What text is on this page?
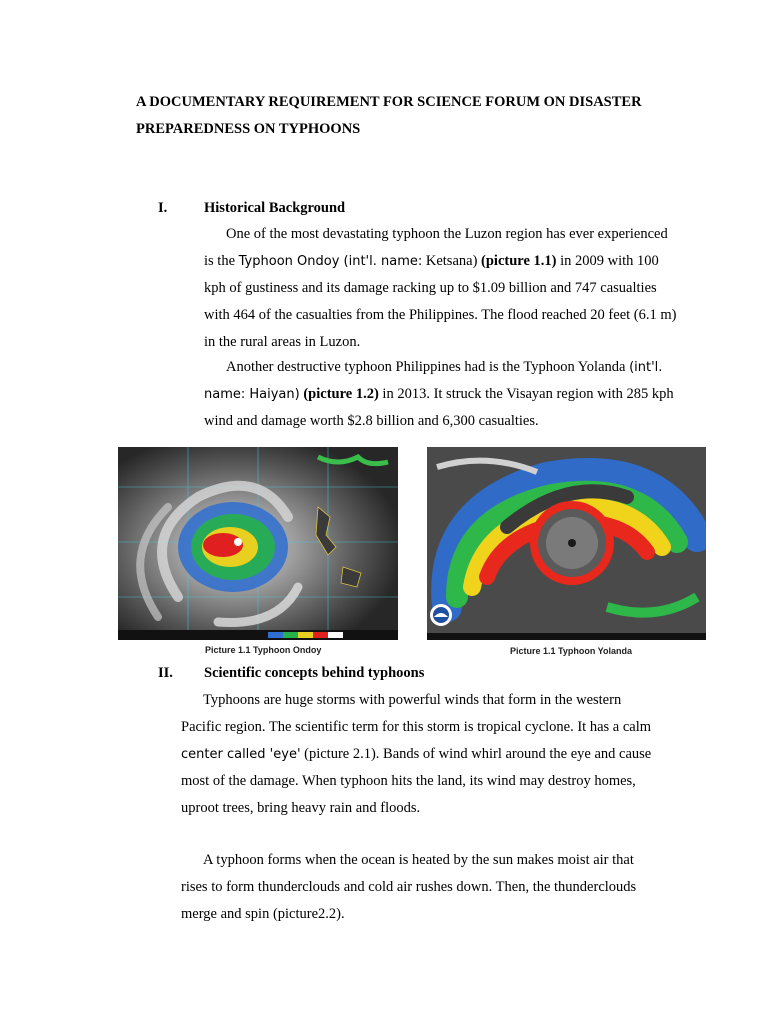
A DOCUMENTARY REQUIREMENT FOR SCIENCE FORUM ON DISASTER
PREPAREDNESS ON TYPHOONS
I.	Historical Background
One of the most devastating typhoon the Luzon region has ever experienced is the Typhoon Ondoy (int'l. name: Ketsana) (picture 1.1) in 2009 with 100 kph of gustiness and its damage racking up to $1.09 billion and 747 casualties with 464 of the casualties from the Philippines. The flood reached 20 feet (6.1 m) in the rural areas in Luzon.
Another destructive typhoon Philippines had is the Typhoon Yolanda (int'l. name: Haiyan) (picture 1.2) in 2013. It struck the Visayan region with 285 kph wind and damage worth $2.8 billion and 6,300 casualties.
Picture 1.1 Typhoon Ondoy	Picture 1.1 Typhoon Yolanda
II. Scientific concepts behind typhoons
Typhoons are huge storms with powerful winds that form in the western Pacific region. The scientific term for this storm is tropical cyclone. It has a calm center called 'eye' (picture 2.1). Bands of wind whirl around the eye and cause most of the damage. When typhoon hits the land, its wind may destroy homes, uproot trees, bring heavy rain and floods.
A typhoon forms when the ocean is heated by the sun makes moist air that rises to form thunderclouds and cold air rushes down. Then, the thunderclouds merge and spin (picture2.2).
